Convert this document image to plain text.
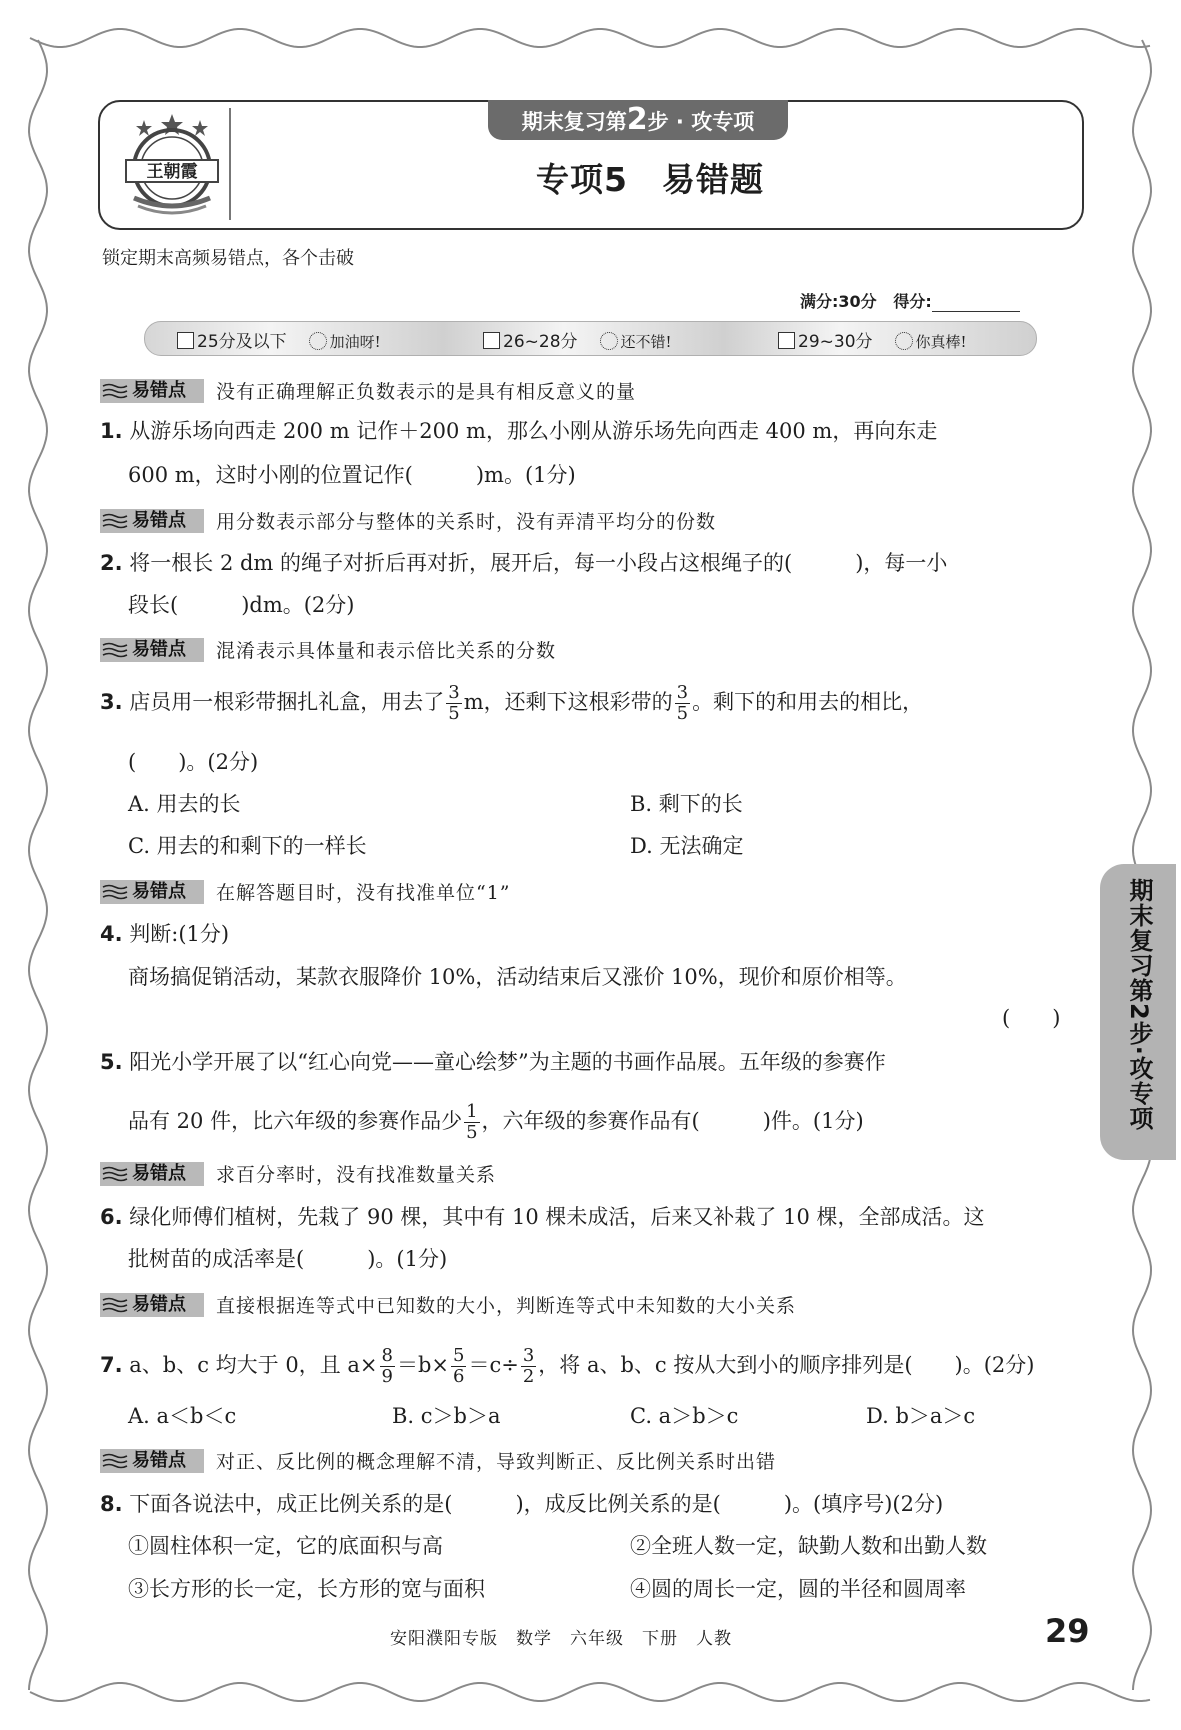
王朝霞
期末复习第2步 · 攻专项
专项5　易错题
锁定期末高频易错点，各个击破
满分:30分 得分:
25分及以下	加油呀!	26~28分	还不错!	29~30分	你真棒!
易错点 没有正确理解正负数表示的是具有相反意义的量
1. 从游乐场向西走 200 m 记作＋200 m，那么小刚从游乐场先向西走 400 m，再向东走
600 m，这时小刚的位置记作(　　　)m。(1分)
易错点 用分数表示部分与整体的关系时，没有弄清平均分的份数
2. 将一根长 2 dm 的绳子对折后再对折，展开后，每一小段占这根绳子的(　　　)，每一小
段长(　　　)dm。(2分)
易错点 混淆表示具体量和表示倍比关系的分数
3. 店员用一根彩带捆扎礼盒，用去了 $\frac{3}{5}$ m，还剩下这根彩带的 $\frac{3}{5}$ 。剩下的和用去的相比，
(　　)。(2分)
A. 用去的长	B. 剩下的长
C. 用去的和剩下的一样长	D. 无法确定
易错点 在解答题目时，没有找准单位“1”
4. 判断:(1分)
商场搞促销活动，某款衣服降价 10%，活动结束后又涨价 10%，现价和原价相等。
(　　)
5. 阳光小学开展了以“红心向党——童心绘梦”为主题的书画作品展。五年级的参赛作
品有 20 件，比六年级的参赛作品少 $\frac{1}{5}$ ，六年级的参赛作品有(　　　)件。(1分)
易错点 求百分率时，没有找准数量关系
6. 绿化师傅们植树，先栽了 90 棵，其中有 10 棵未成活，后来又补栽了 10 棵，全部成活。这
批树苗的成活率是(　　　)。(1分)
易错点 直接根据连等式中已知数的大小，判断连等式中未知数的大小关系
7. a、b、c 均大于 0，且 $a\times \frac{8}{9} =b\times \frac{5}{6} =c\div \frac{3}{2}$ ，将 a、b、c 按从大到小的顺序排列是(　　)。(2分)
A. a＜b＜c	B. c＞b＞a	C. a＞b＞c	D. b＞a＞c
易错点 对正、反比例的概念理解不清，导致判断正、反比例关系时出错
8. 下面各说法中，成正比例关系的是(　　　)，成反比例关系的是(　　　)。(填序号)(2分)
①圆柱体积一定，它的底面积与高	②全班人数一定，缺勤人数和出勤人数
③长方形的长一定，长方形的宽与面积	④圆的周长一定，圆的半径和圆周率
期末复习第2步·攻专项
安阳濮阳专版　数学　六年级　下册　人教	29
